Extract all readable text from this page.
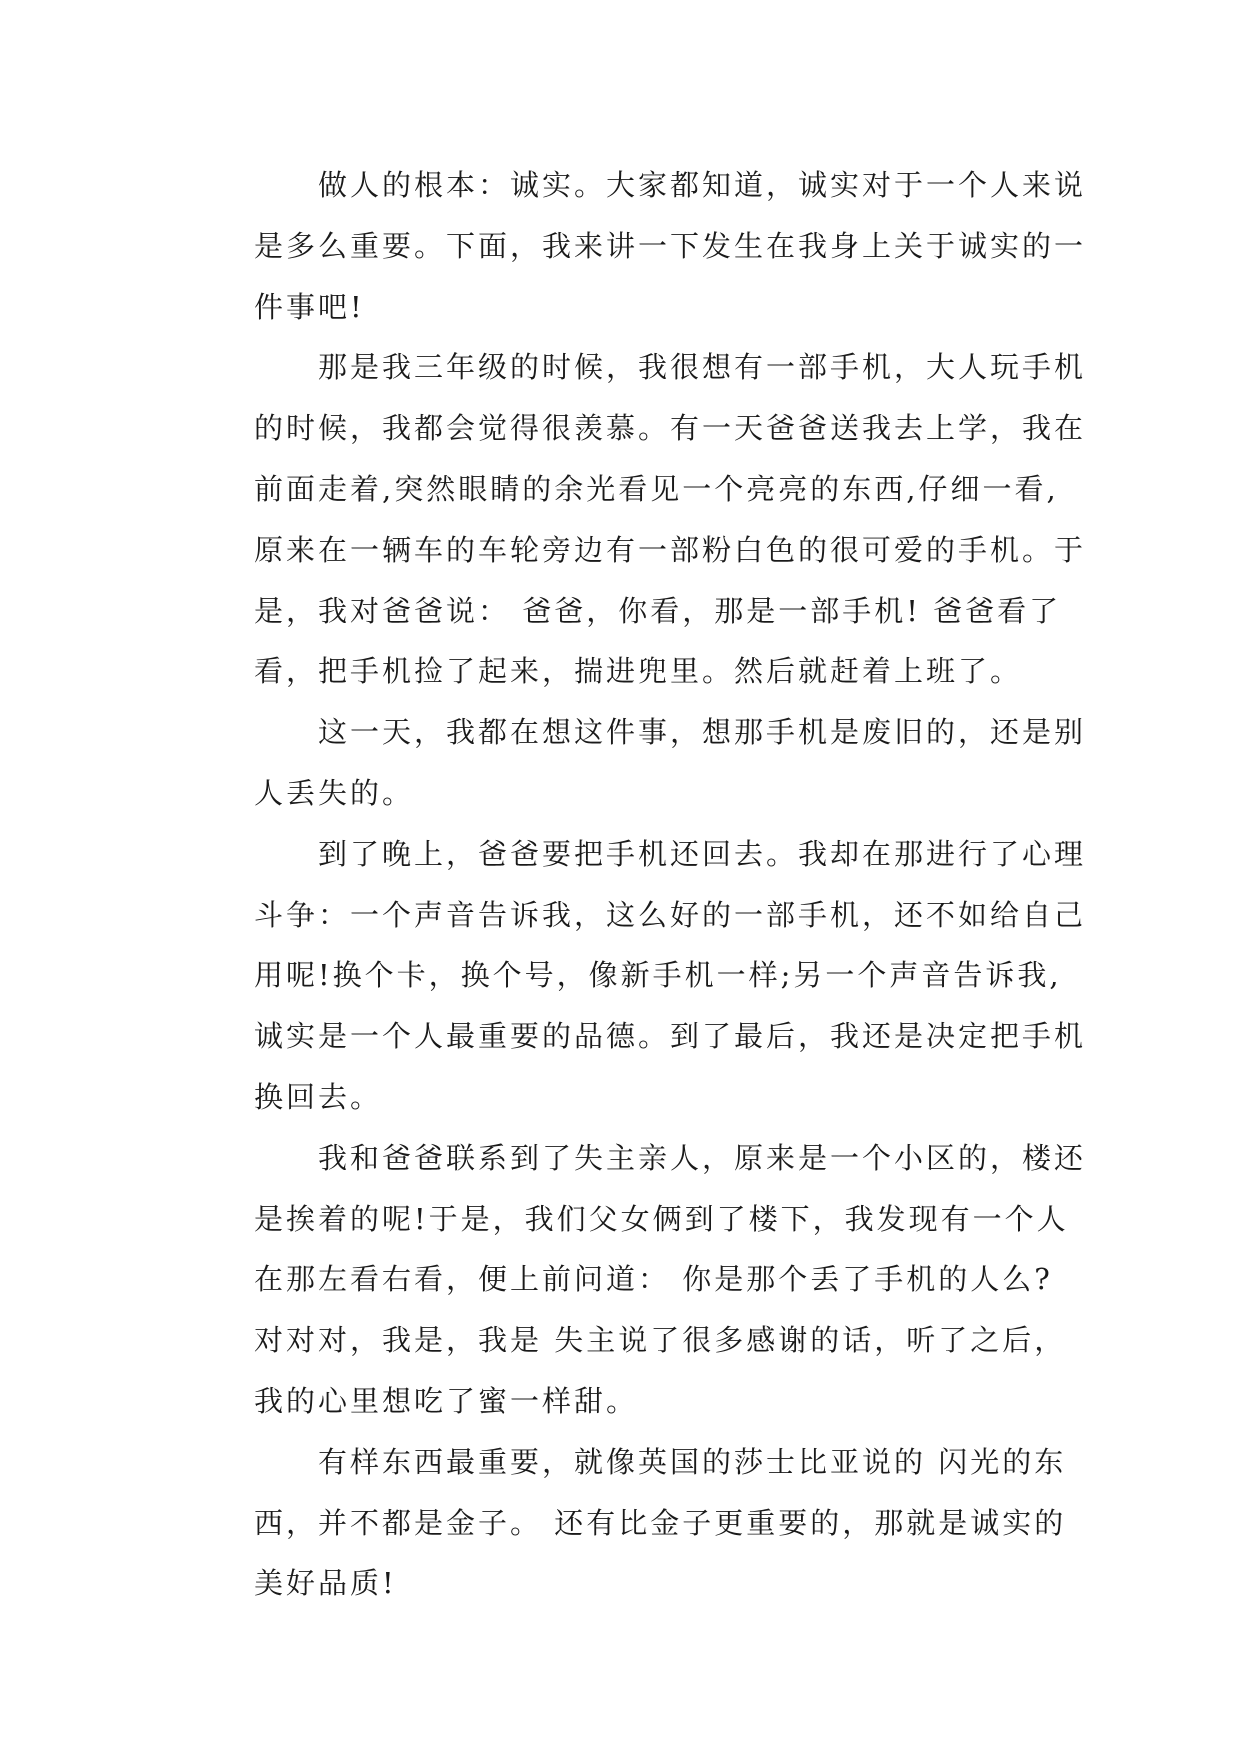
做人的根本：诚实。大家都知道，诚实对于一个人来说
是多么重要。下面，我来讲一下发生在我身上关于诚实的一
件事吧!
那是我三年级的时候，我很想有一部手机，大人玩手机
的时候，我都会觉得很羡慕。有一天爸爸送我去上学，我在
前面走着,突然眼睛的余光看见一个亮亮的东西,仔细一看,
原来在一辆车的车轮旁边有一部粉白色的很可爱的手机。于
是，我对爸爸说： 爸爸，你看，那是一部手机! 爸爸看了
看，把手机捡了起来，揣进兜里。然后就赶着上班了。
这一天，我都在想这件事，想那手机是废旧的，还是别
人丢失的。
到了晚上，爸爸要把手机还回去。我却在那进行了心理
斗争：一个声音告诉我，这么好的一部手机，还不如给自己
用呢!换个卡，换个号，像新手机一样;另一个声音告诉我,
诚实是一个人最重要的品德。到了最后，我还是决定把手机
换回去。
我和爸爸联系到了失主亲人，原来是一个小区的，楼还
是挨着的呢!于是，我们父女俩到了楼下，我发现有一个人
在那左看右看，便上前问道： 你是那个丢了手机的人么?
对对对，我是，我是 失主说了很多感谢的话，听了之后，
我的心里想吃了蜜一样甜。
有样东西最重要，就像英国的莎士比亚说的 闪光的东
西，并不都是金子。 还有比金子更重要的，那就是诚实的
美好品质!
